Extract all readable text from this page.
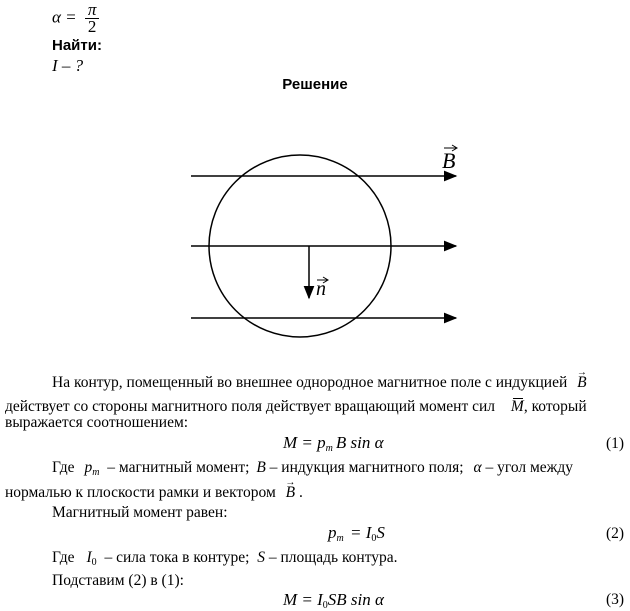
$\alpha = \frac{\pi}{2}$
Найти:
I – ?
Решение
B
n
На контур, помещенный во внешнее однородное магнитное поле с индукцией → B
действует со стороны магнитного поля действует вращающий момент сил M, который
выражается соотношением:
$M = p_m$ B sin α	(1)
Где $p_m$ – магнитный момент; B – индукция магнитного поля; α – угол между
нормалью к плоскости рамки и вектором → B .
Магнитный момент равен:
$p_m = I_0S$	(2)
Где $I_0$ – сила тока в контуре; S – площадь контура.
Подставим (2) в (1):
$M = I_0SB$ sin α	(3)
